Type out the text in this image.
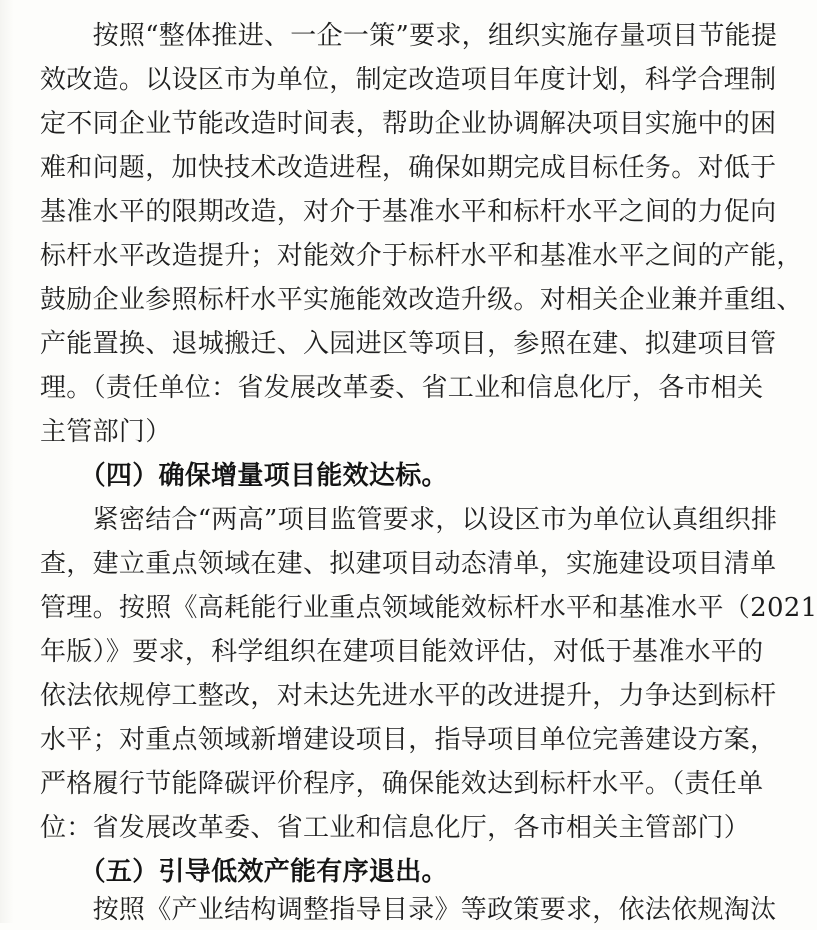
　　按照“整体推进、一企一策”要求，组织实施存量项目节能提
效改造。以设区市为单位，制定改造项目年度计划，科学合理制
定不同企业节能改造时间表，帮助企业协调解决项目实施中的困
难和问题，加快技术改造进程，确保如期完成目标任务。对低于
基准水平的限期改造，对介于基准水平和标杆水平之间的力促向
标杆水平改造提升；对能效介于标杆水平和基准水平之间的产能，
鼓励企业参照标杆水平实施能效改造升级。对相关企业兼并重组、
产能置换、退城搬迁、入园进区等项目，参照在建、拟建项目管
理。（责任单位：省发展改革委、省工业和信息化厅，各市相关
主管部门）
　　（四）确保增量项目能效达标。
　　紧密结合“两高”项目监管要求，以设区市为单位认真组织排
查，建立重点领域在建、拟建项目动态清单，实施建设项目清单
管理。按照《高耗能行业重点领域能效标杆水平和基准水平（2021
年版）》要求，科学组织在建项目能效评估，对低于基准水平的
依法依规停工整改，对未达先进水平的改进提升，力争达到标杆
水平；对重点领域新增建设项目，指导项目单位完善建设方案，
严格履行节能降碳评价程序，确保能效达到标杆水平。（责任单
位：省发展改革委、省工业和信息化厅，各市相关主管部门）
　　（五）引导低效产能有序退出。
　　按照《产业结构调整指导目录》等政策要求，依法依规淘汰
